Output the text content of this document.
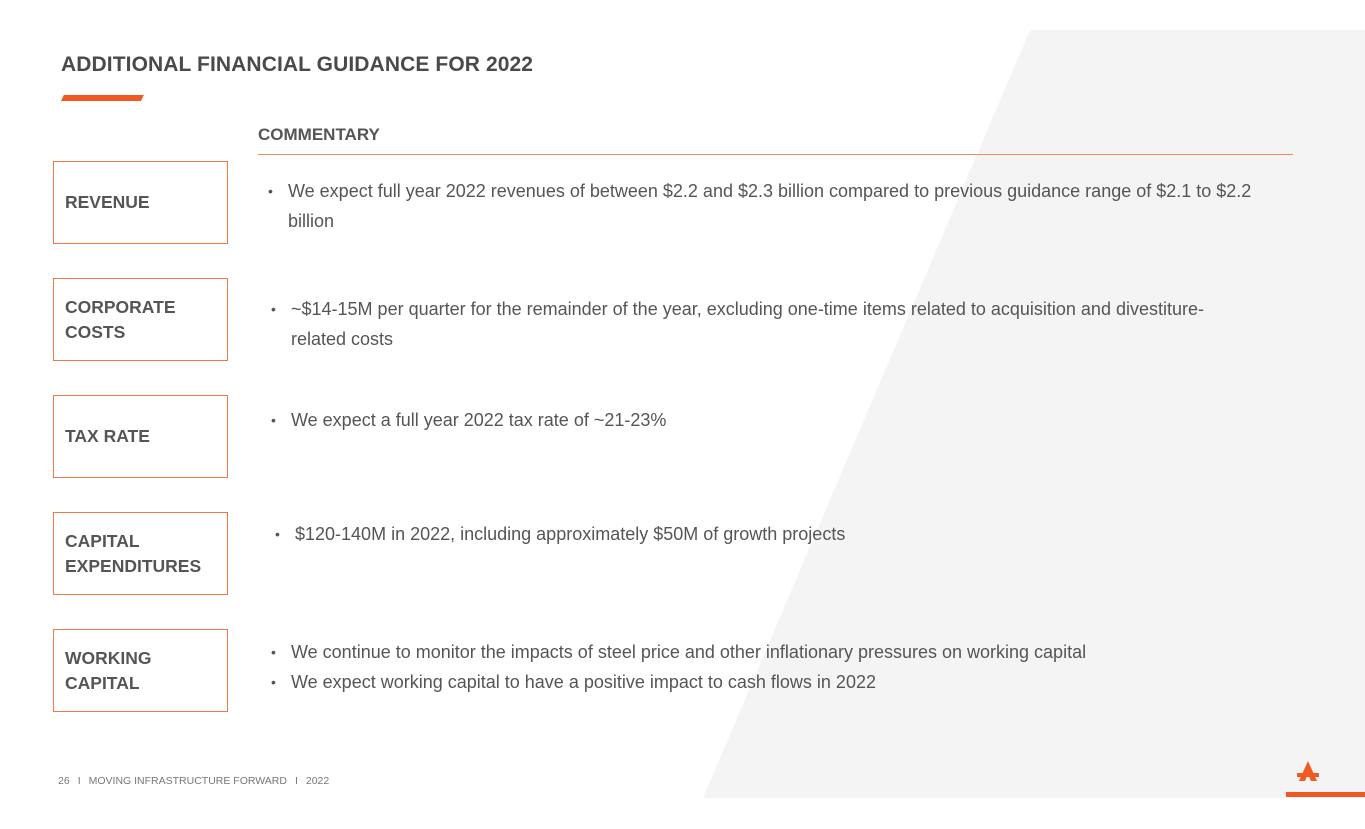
ADDITIONAL FINANCIAL GUIDANCE FOR 2022
COMMENTARY
REVENUE
• We expect full year 2022 revenues of between $2.2 and $2.3 billion compared to previous guidance range of $2.1 to $2.2 billion
CORPORATE
COSTS
• ~$14-15M per quarter for the remainder of the year, excluding one-time items related to acquisition and divestiture-related costs
TAX RATE
• We expect a full year 2022 tax rate of ~21-23%
CAPITAL
EXPENDITURES
• $120-140M in 2022, including approximately $50M of growth projects
WORKING
CAPITAL
• We continue to monitor the impacts of steel price and other inflationary pressures on working capital
• We expect working capital to have a positive impact to cash flows in 2022
26 I MOVING INFRASTRUCTURE FORWARD I 2022
